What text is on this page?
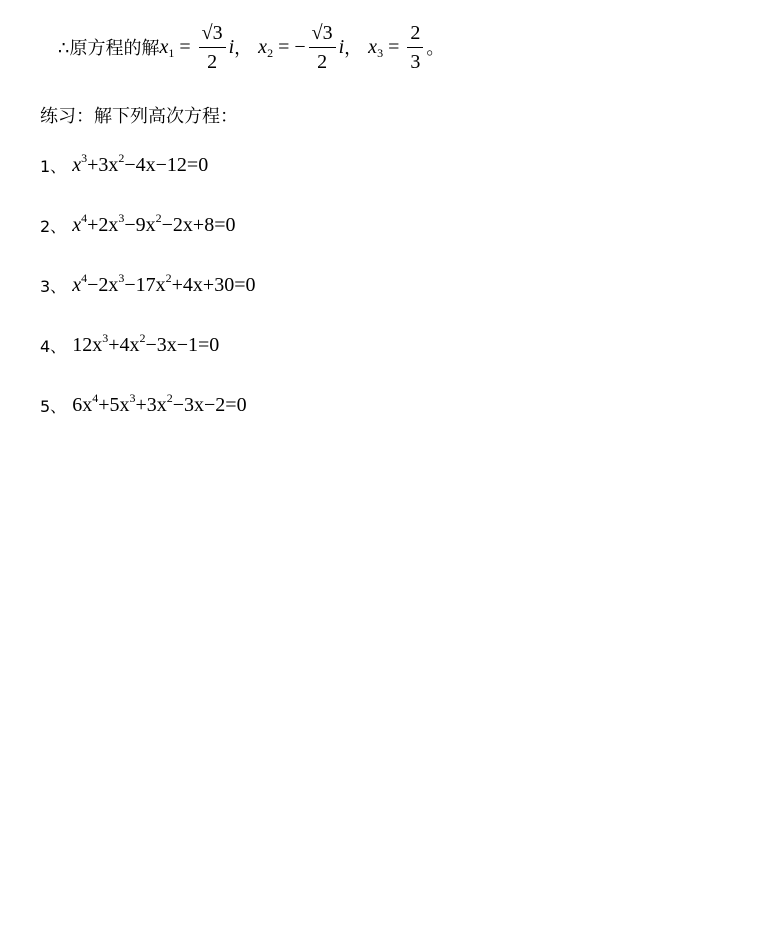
∴原方程的解 x $1 = \frac{√3}{2}$ i ， x 2 = − $\frac{√3}{2}$ i ， x $3 = \frac{2}{3}$ 。
练习：解下列高次方程：
1、 $x^3+3x^2-4x-12=0$
2、 $x^4+2x^3-9x^2-2x+8=0$
3、 $x^4-2x^3-17x^2+4x+30=0$
4、 $12x^3+4x^2-3x-1=0$
5、 $6x^4+5x^3+3x^2-3x-2=0$
